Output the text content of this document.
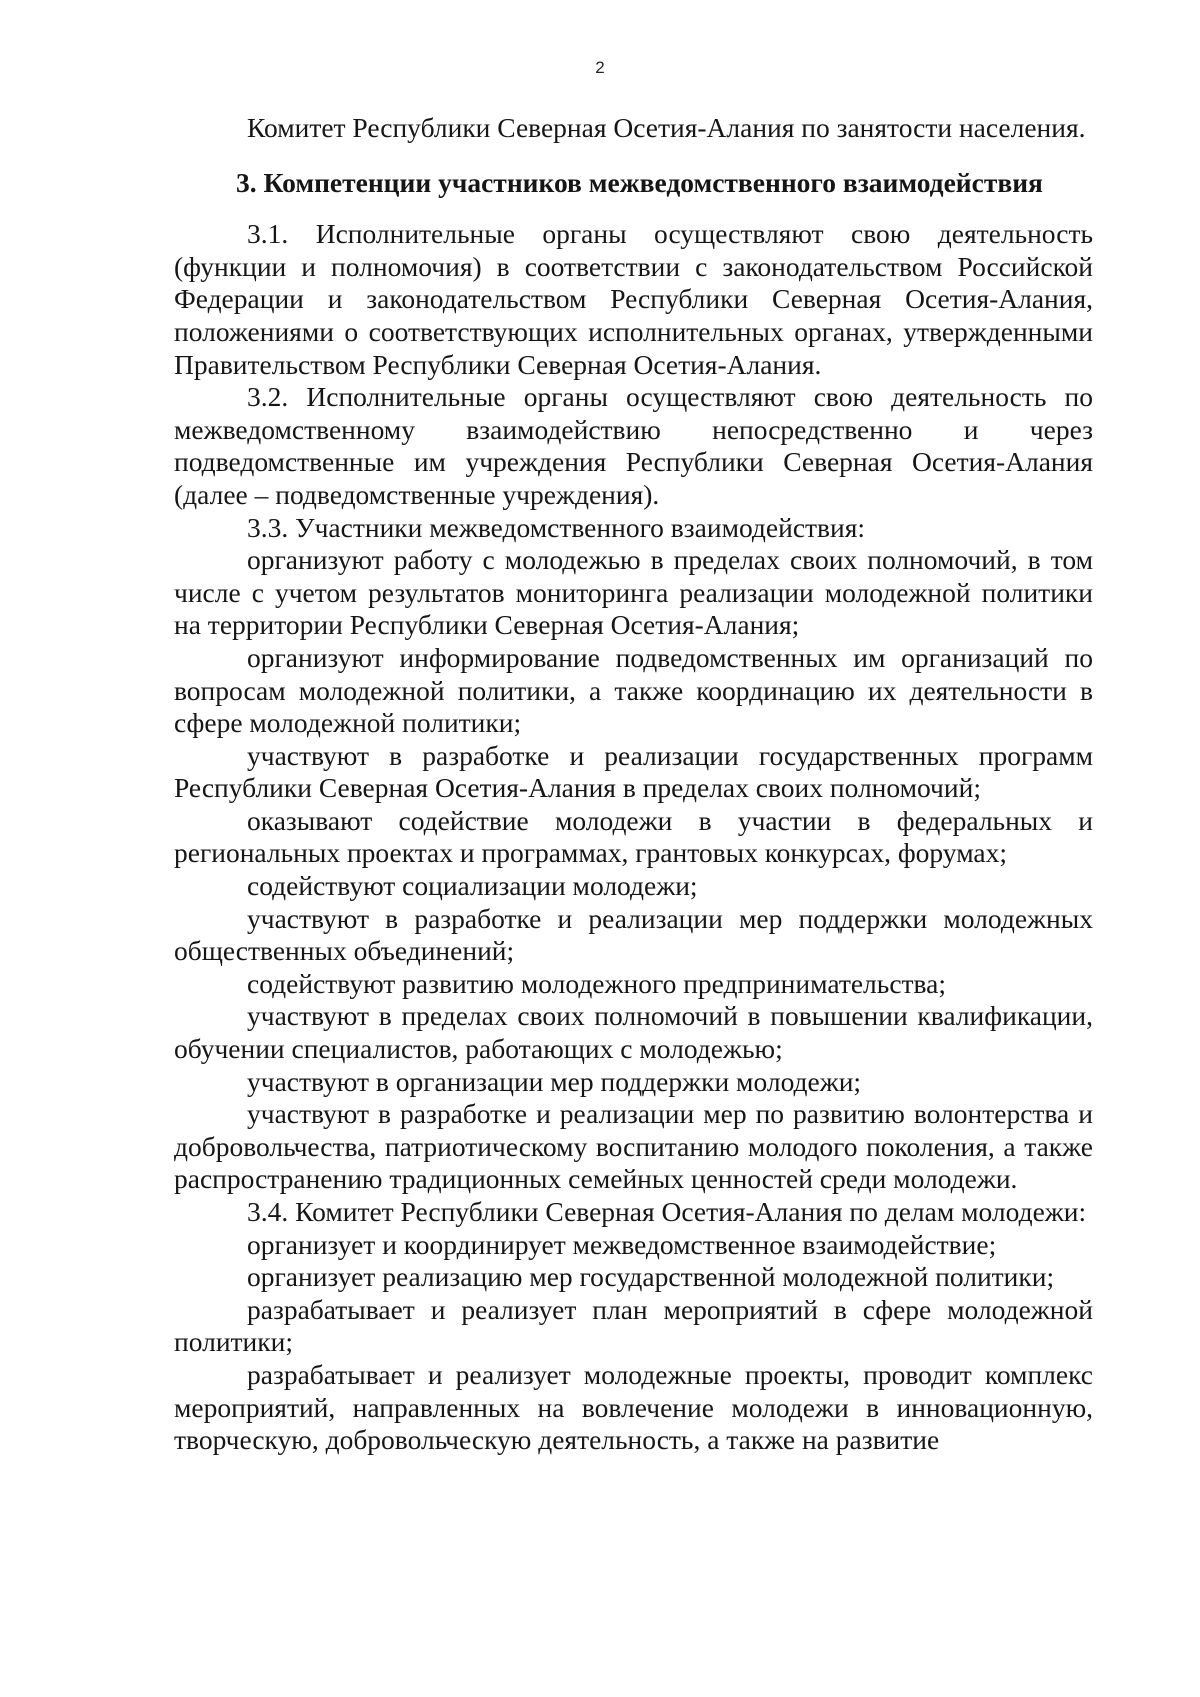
2

Комитет Республики Северная Осетия-Алания по занятости населения.

3. Компетенции участников межведомственного взаимодействия

3.1. Исполнительные органы осуществляют свою деятельность (функции и полномочия) в соответствии с законодательством Российской Федерации и законодательством Республики Северная Осетия-Алания, положениями о соответствующих исполнительных органах, утвержденными Правительством Республики Северная Осетия-Алания.

3.2. Исполнительные органы осуществляют свою деятельность по межведомственному взаимодействию непосредственно и через подведомственные им учреждения Республики Северная Осетия-Алания (далее – подведомственные учреждения).

3.3. Участники межведомственного взаимодействия:

организуют работу с молодежью в пределах своих полномочий, в том числе с учетом результатов мониторинга реализации молодежной политики на территории Республики Северная Осетия-Алания;

организуют информирование подведомственных им организаций по вопросам молодежной политики, а также координацию их деятельности в сфере молодежной политики;

участвуют в разработке и реализации государственных программ Республики Северная Осетия-Алания в пределах своих полномочий;

оказывают содействие молодежи в участии в федеральных и региональных проектах и программах, грантовых конкурсах, форумах;

содействуют социализации молодежи;

участвуют в разработке и реализации мер поддержки молодежных общественных объединений;

содействуют развитию молодежного предпринимательства;

участвуют в пределах своих полномочий в повышении квалификации, обучении специалистов, работающих с молодежью;

участвуют в организации мер поддержки молодежи;

участвуют в разработке и реализации мер по развитию волонтерства и добровольчества, патриотическому воспитанию молодого поколения, а также распространению традиционных семейных ценностей среди молодежи.

3.4. Комитет Республики Северная Осетия-Алания по делам молодежи:

организует и координирует межведомственное взаимодействие;

организует реализацию мер государственной молодежной политики;

разрабатывает и реализует план мероприятий в сфере молодежной политики;

разрабатывает и реализует молодежные проекты, проводит комплекс мероприятий, направленных на вовлечение молодежи в инновационную, творческую, добровольческую деятельность, а также на развитие
